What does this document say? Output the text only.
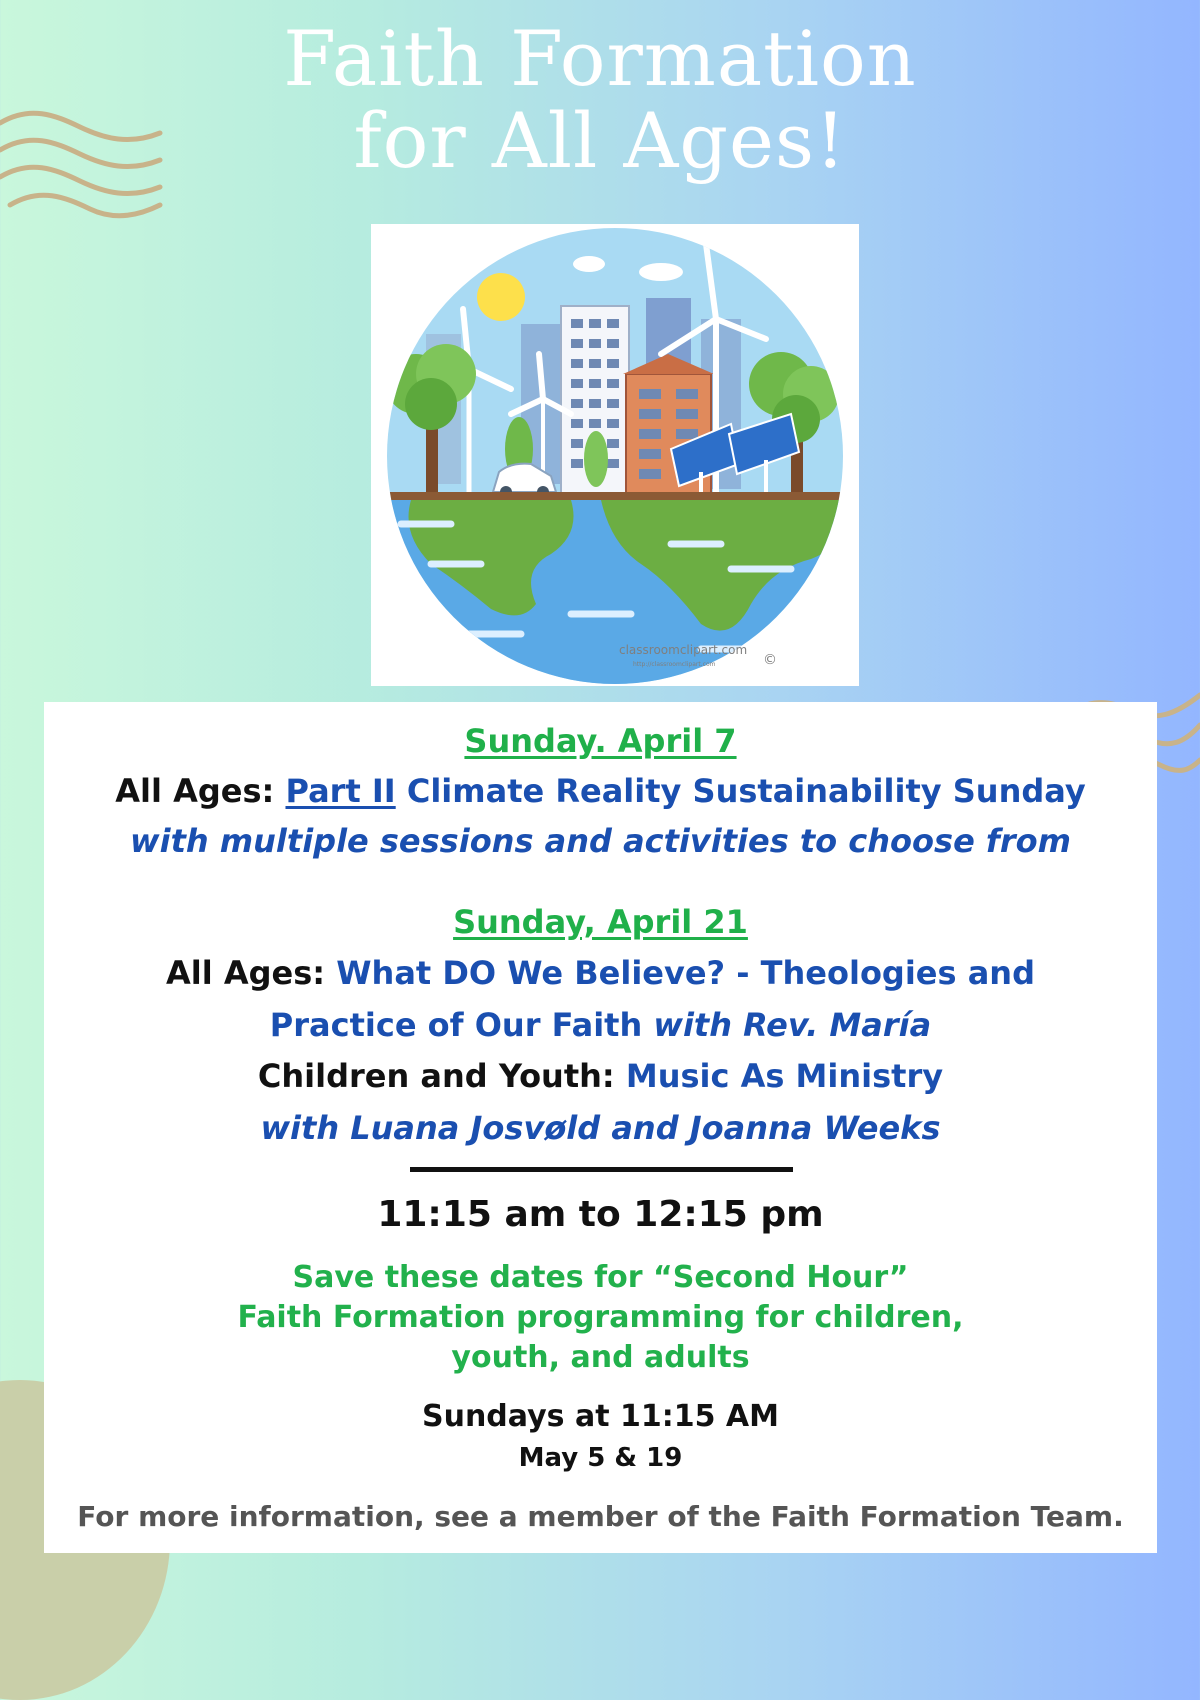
Faith Formation
for All Ages!
classroomclipart.com
http://classroomclipart.com	©
Sunday. April 7
All Ages: Part II Climate Reality Sustainability Sunday
with multiple sessions and activities to choose from
Sunday, April 21
All Ages: What DO We Believe? - Theologies and
Practice of Our Faith with Rev. María
Children and Youth: Music As Ministry
with Luana Josvøld and Joanna Weeks
11:15 am to 12:15 pm
Save these dates for “Second Hour”
Faith Formation programming for children,
youth, and adults
Sundays at 11:15 AM
May 5 & 19
For more information, see a member of the Faith Formation Team.
